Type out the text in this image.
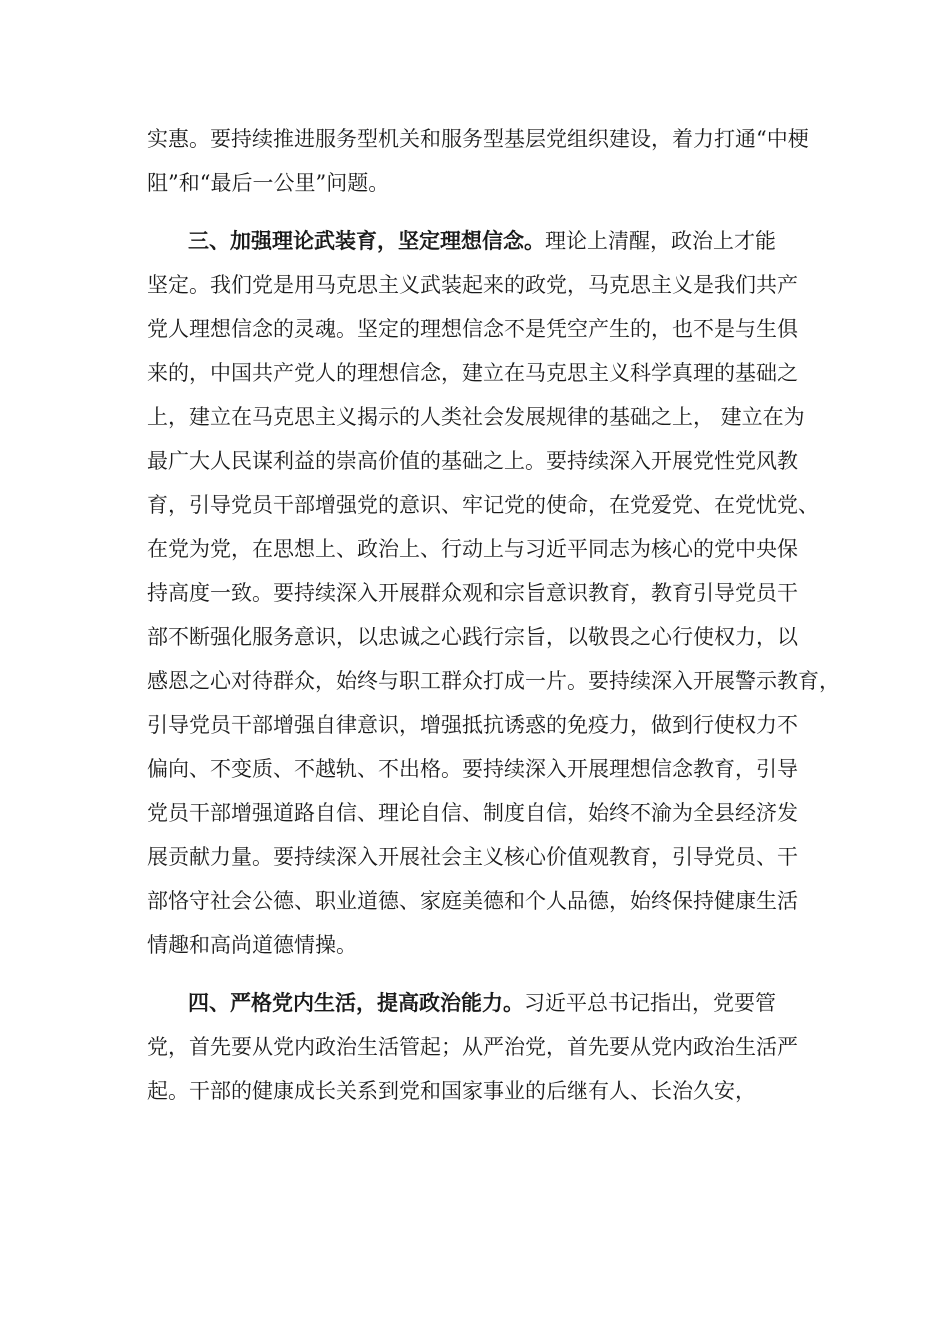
实惠。要持续推进服务型机关和服务型基层党组织建设，着力打通“中梗
阻”和“最后一公里”问题。
三、加强理论武装育，坚定理想信念。理论上清醒，政治上才能
坚定。我们党是用马克思主义武装起来的政党，马克思主义是我们共产
党人理想信念的灵魂。坚定的理想信念不是凭空产生的，也不是与生俱
来的，中国共产党人的理想信念，建立在马克思主义科学真理的基础之
上，建立在马克思主义揭示的人类社会发展规律的基础之上， 建立在为
最广大人民谋利益的崇高价值的基础之上。要持续深入开展党性党风教
育，引导党员干部增强党的意识、牢记党的使命，在党爱党、在党忧党、
在党为党，在思想上、政治上、行动上与习近平同志为核心的党中央保
持高度一致。要持续深入开展群众观和宗旨意识教育，教育引导党员干
部不断强化服务意识，以忠诚之心践行宗旨，以敬畏之心行使权力，以
感恩之心对待群众，始终与职工群众打成一片。要持续深入开展警示教育，
引导党员干部增强自律意识，增强抵抗诱惑的免疫力，做到行使权力不
偏向、不变质、不越轨、不出格。要持续深入开展理想信念教育，引导
党员干部增强道路自信、理论自信、制度自信，始终不渝为全县经济发
展贡献力量。要持续深入开展社会主义核心价值观教育，引导党员、干
部恪守社会公德、职业道德、家庭美德和个人品德，始终保持健康生活
情趣和高尚道德情操。
四、严格党内生活，提高政治能力。习近平总书记指出，党要管
党，首先要从党内政治生活管起；从严治党，首先要从党内政治生活严
起。干部的健康成长关系到党和国家事业的后继有人、长治久安，
